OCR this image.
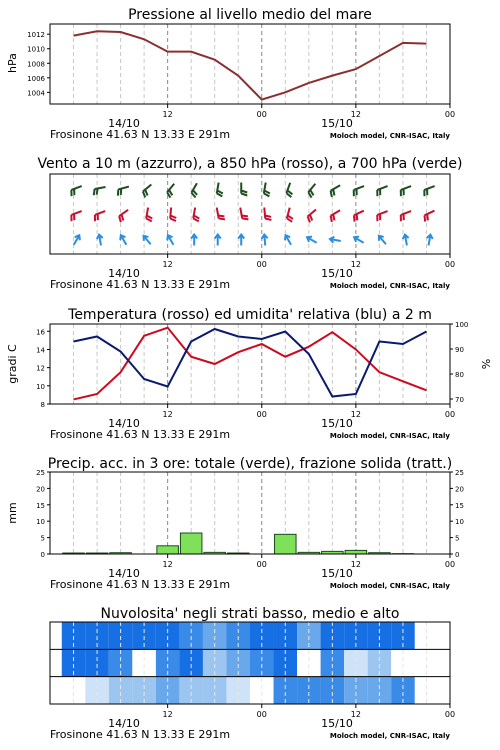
Pressione al livello medio del mare
Vento a 10 m (azzurro), a 850 hPa (rosso), a 700 hPa (verde)
Temperatura (rosso) ed umidita' relativa (blu) a 2 m
Precip. acc. in 3 ore: totale (verde), frazione solida (tratt.)
Nuvolosita' negli strati basso, medio e alto
hPa
gradi C	%
mm
1004
1006
1008
1010
1012
12	00	12	00
14/10	15/10
Frosinone 41.63 N 13.33 E 291m	Moloch model, CNR-ISAC, Italy
12	00	12	00
14/10	15/10
Frosinone 41.63 N 13.33 E 291m	Moloch model, CNR-ISAC, Italy
8
10
12
14
16
70
80
90
100
12	00	12	00
14/10	15/10
Frosinone 41.63 N 13.33 E 291m	Moloch model, CNR-ISAC, Italy
0
5
10
15
20
25
0
5
10
15
20
25
12	00	12	00
14/10	15/10
Frosinone 41.63 N 13.33 E 291m	Moloch model, CNR-ISAC, Italy
12	00	12	00
14/10	15/10
Frosinone 41.63 N 13.33 E 291m	Moloch model, CNR-ISAC, Italy
